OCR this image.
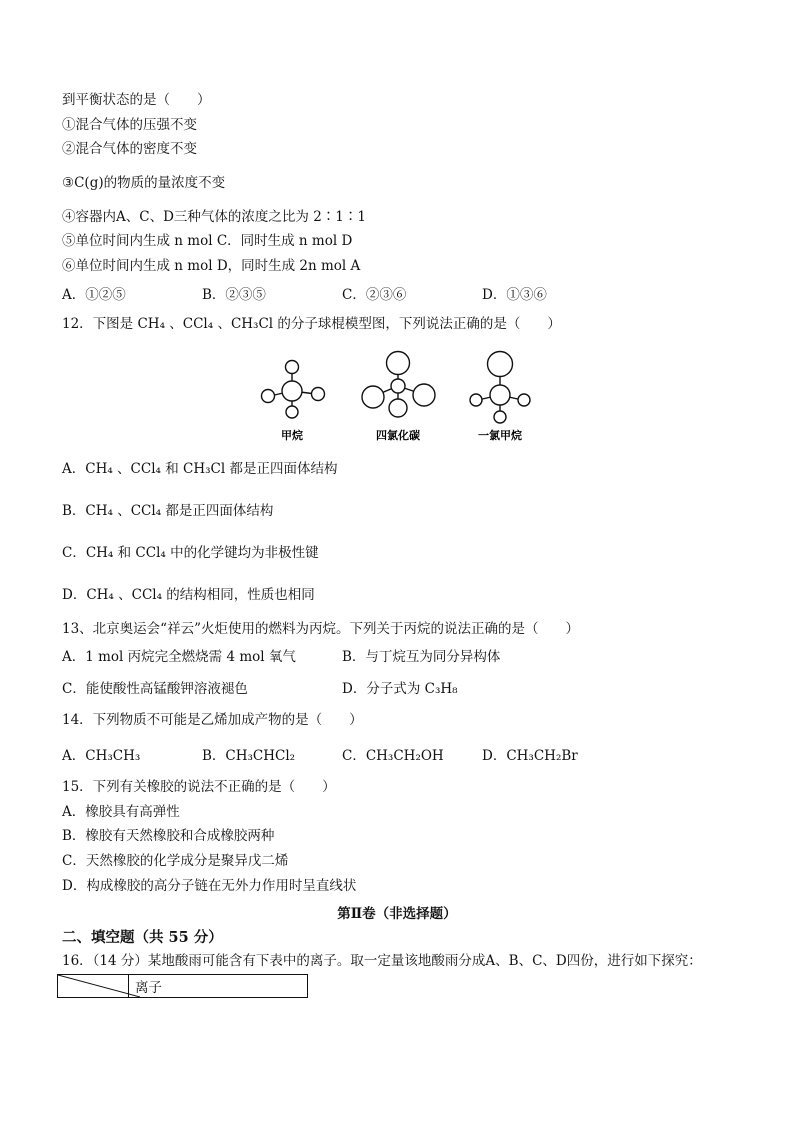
到平衡状态的是（　　）
①混合气体的压强不变
②混合气体的密度不变
③C(g)的物质的量浓度不变
④容器内A、C、D三种气体的浓度之比为 2∶1∶1
⑤单位时间内生成 n mol C．同时生成 n mol D
⑥单位时间内生成 n mol D，同时生成 2n mol A
A．①②⑤	B．②③⑤	C．②③⑥	D．①③⑥
12．下图是 CH₄ 、CCl₄ 、CH₃Cl 的分子球棍模型图，下列说法正确的是（　　）
甲烷	四氯化碳	一氯甲烷
A．CH₄ 、CCl₄ 和 CH₃Cl 都是正四面体结构
B．CH₄ 、CCl₄ 都是正四面体结构
C．CH₄ 和 CCl₄ 中的化学键均为非极性键
D．CH₄ 、CCl₄ 的结构相同，性质也相同
13、北京奥运会“祥云”火炬使用的燃料为丙烷。下列关于丙烷的说法正确的是（　　）
A．1 mol 丙烷完全燃烧需 4 mol 氧气	B．与丁烷互为同分异构体
C．能使酸性高锰酸钾溶液褪色	D．分子式为 C₃H₈
14．下列物质不可能是乙烯加成产物的是（　　）
A．CH₃CH₃	B．CH₃CHCl₂	C．CH₃CH₂OH	D．CH₃CH₂Br
15．下列有关橡胶的说法不正确的是（　　）
A．橡胶具有高弹性
B．橡胶有天然橡胶和合成橡胶两种
C．天然橡胶的化学成分是聚异戊二烯
D．构成橡胶的高分子链在无外力作用时呈直线状
第Ⅱ卷（非选择题）
二、填空题（共 55 分）
16．（14 分）某地酸雨可能含有下表中的离子。取一定量该地酸雨分成A、B、C、D四份，进行如下探究：
	离子
